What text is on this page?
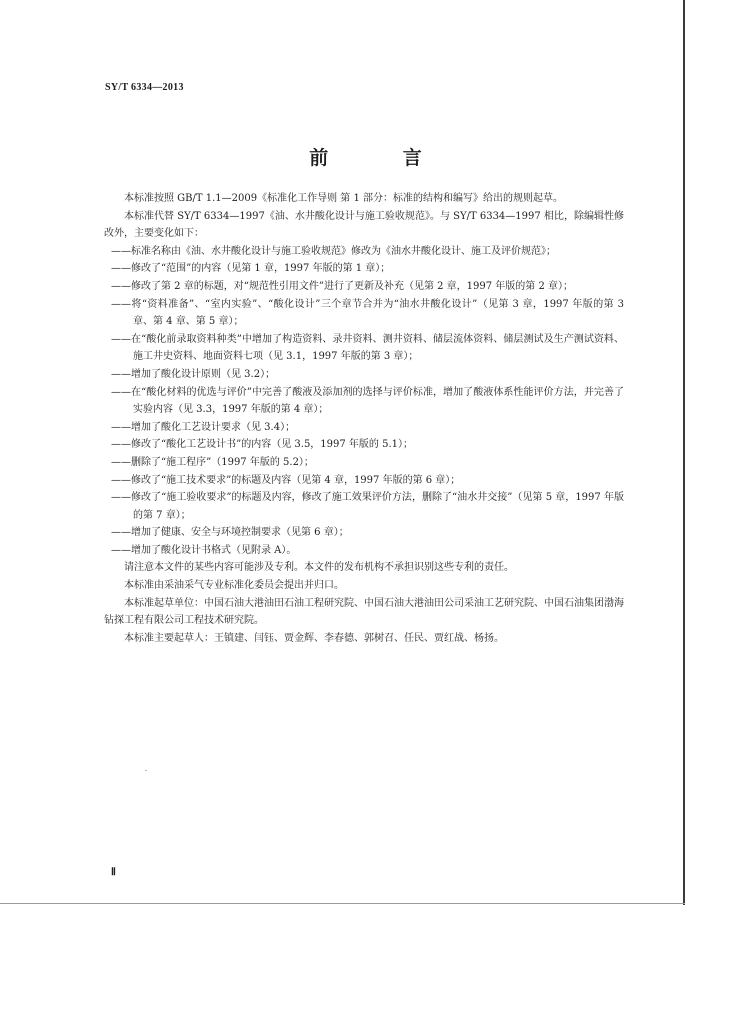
SY/T 6334—2013
前 言

本标准按照 GB/T 1.1—2009《标准化工作导则 第 1 部分：标准的结构和编写》给出的规则起草。

本标准代替 SY/T 6334—1997《油、水井酸化设计与施工验收规范》。与 SY/T 6334—1997 相比，除编辑性修改外，主要变化如下：

——标准名称由《油、水井酸化设计与施工验收规范》修改为《油水井酸化设计、施工及评价规范》；

——修改了“范围”的内容（见第 1 章，1997 年版的第 1 章）；

——修改了第 2 章的标题，对“规范性引用文件”进行了更新及补充（见第 2 章，1997 年版的第 2 章）；

——将“资料准备”、“室内实验”、“酸化设计”三个章节合并为“油水井酸化设计”（见第 3 章，1997 年版的第 3 章、第 4 章、第 5 章）；

——在“酸化前录取资料种类”中增加了构造资料、录井资料、测井资料、储层流体资料、储层测试及生产测试资料、施工井史资料、地面资料七项（见 3.1，1997 年版的第 3 章）；

——增加了酸化设计原则（见 3.2）；

——在“酸化材料的优选与评价”中完善了酸液及添加剂的选择与评价标准，增加了酸液体系性能评价方法，并完善了实验内容（见 3.3，1997 年版的第 4 章）；

——增加了酸化工艺设计要求（见 3.4）；

——修改了“酸化工艺设计书”的内容（见 3.5，1997 年版的 5.1）；

——删除了“施工程序”（1997 年版的 5.2）；

——修改了“施工技术要求”的标题及内容（见第 4 章，1997 年版的第 6 章）；

——修改了“施工验收要求”的标题及内容，修改了施工效果评价方法，删除了“油水井交接”（见第 5 章，1997 年版的第 7 章）；

——增加了健康、安全与环境控制要求（见第 6 章）；

——增加了酸化设计书格式（见附录 A）。

请注意本文件的某些内容可能涉及专利。本文件的发布机构不承担识别这些专利的责任。

本标准由采油采气专业标准化委员会提出并归口。

本标准起草单位：中国石油大港油田石油工程研究院、中国石油大港油田公司采油工艺研究院、中国石油集团渤海钻探工程有限公司工程技术研究院。

本标准主要起草人：王镇建、闫钰、贾金辉、李春德、郭树召、任民、贾红战、杨扬。

Ⅱ
